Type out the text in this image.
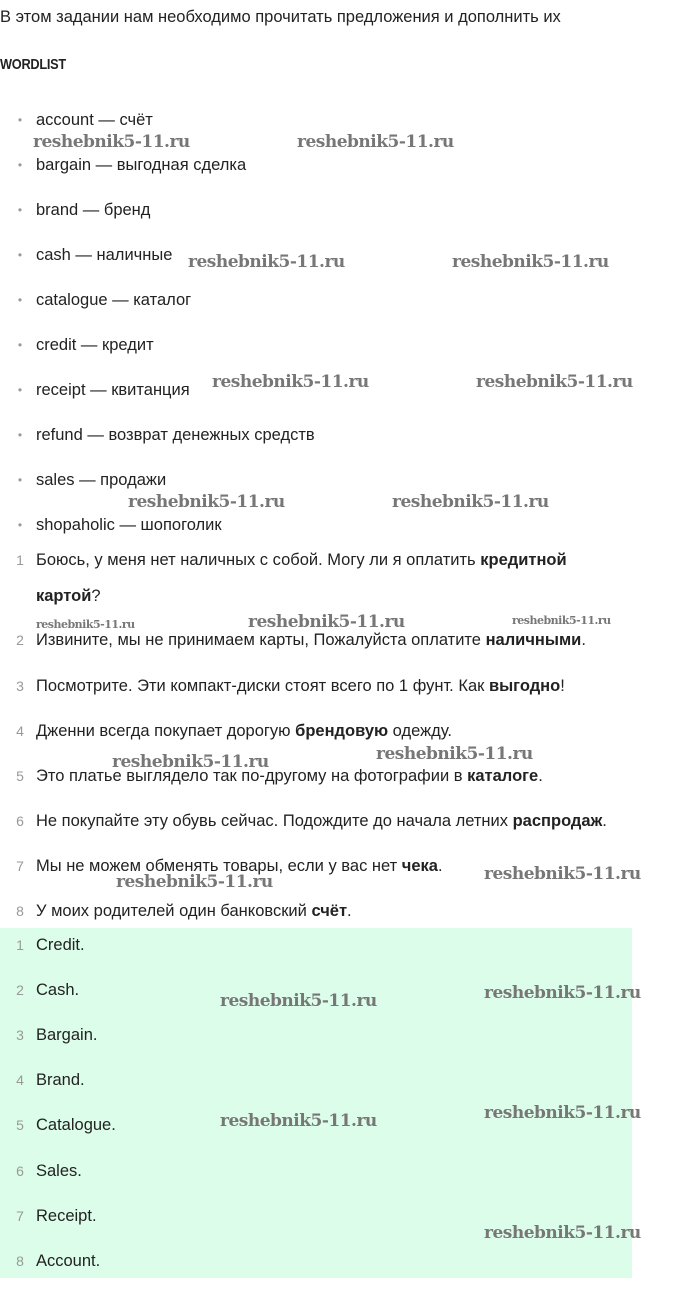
В этом задании нам необходимо прочитать предложения и дополнить их
WORDLIST
• account — счёт
• bargain — выгодная сделка
• brand — бренд
• cash — наличные
• catalogue — каталог
• credit — кредит
• receipt — квитанция
• refund — возврат денежных средств
• sales — продажи
• shopaholic — шопоголик
1 Боюсь, у меня нет наличных с собой. Могу ли я оплатить кредитной
картой?
2 Извините, мы не принимаем карты, Пожалуйста оплатите наличными.
3 Посмотрите. Эти компакт-диски стоят всего по 1 фунт. Как выгодно!
4 Дженни всегда покупает дорогую брендовую одежду.
5 Это платье выглядело так по-другому на фотографии в каталоге.
6 Не покупайте эту обувь сейчас. Подождите до начала летних распродаж.
7 Мы не можем обменять товары, если у вас нет чека.
8 У моих родителей один банковский счёт.
1 Credit.
2 Cash.
3 Bargain.
4 Brand.
5 Catalogue.
6 Sales.
7 Receipt.
8 Account.
reshebnik5-11.ru	reshebnik5-11.ru
reshebnik5-11.ru	reshebnik5-11.ru
reshebnik5-11.ru	reshebnik5-11.ru
reshebnik5-11.ru	reshebnik5-11.ru
reshebnik5-11.ru	reshebnik5-11.ru	reshebnik5-11.ru
reshebnik5-11.ru	reshebnik5-11.ru
reshebnik5-11.ru
reshebnik5-11.ru
reshebnik5-11.ru	reshebnik5-11.ru
reshebnik5-11.ru	reshebnik5-11.ru
reshebnik5-11.ru
